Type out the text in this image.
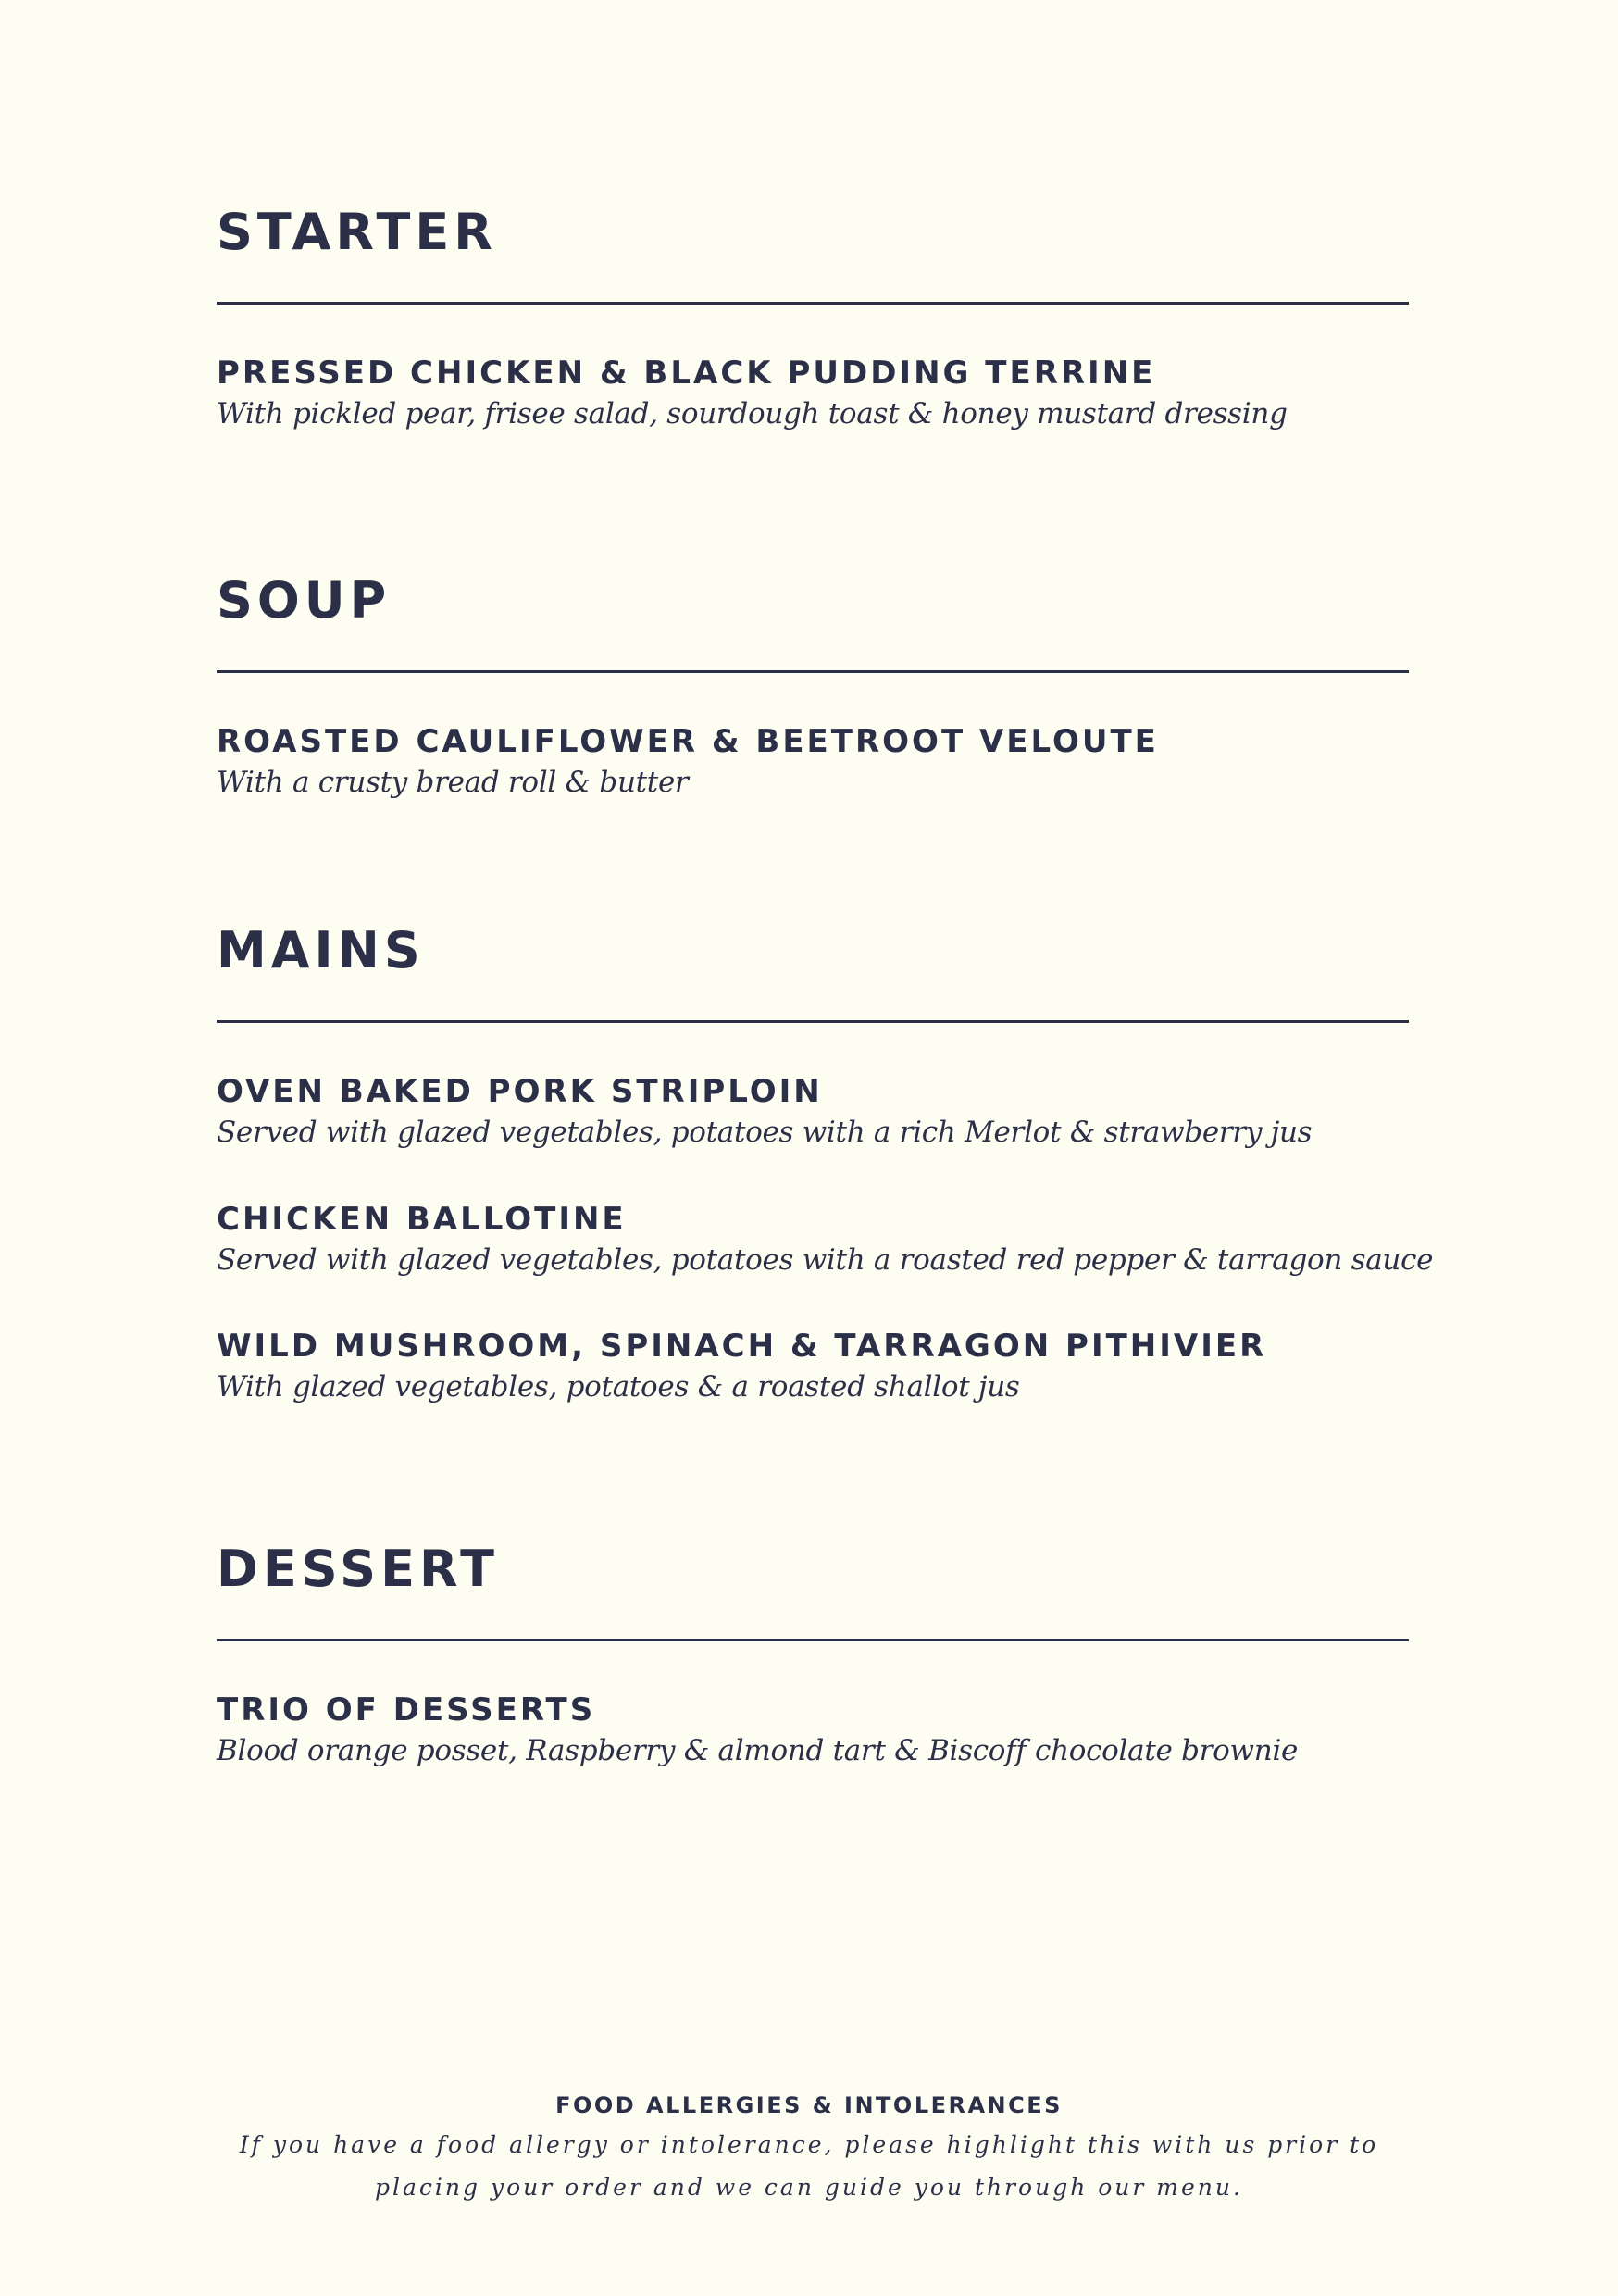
STARTER
PRESSED CHICKEN & BLACK PUDDING TERRINE
With pickled pear, frisee salad, sourdough toast & honey mustard dressing
SOUP
ROASTED CAULIFLOWER & BEETROOT VELOUTE
With a crusty bread roll & butter
MAINS
OVEN BAKED PORK STRIPLOIN
Served with glazed vegetables, potatoes with a rich Merlot & strawberry jus
CHICKEN BALLOTINE
Served with glazed vegetables, potatoes with a roasted red pepper & tarragon sauce
WILD MUSHROOM, SPINACH & TARRAGON PITHIVIER
With glazed vegetables, potatoes & a roasted shallot jus
DESSERT
TRIO OF DESSERTS
Blood orange posset, Raspberry & almond tart & Biscoff chocolate brownie
FOOD ALLERGIES & INTOLERANCES
If you have a food allergy or intolerance, please highlight this with us prior to
placing your order and we can guide you through our menu.
